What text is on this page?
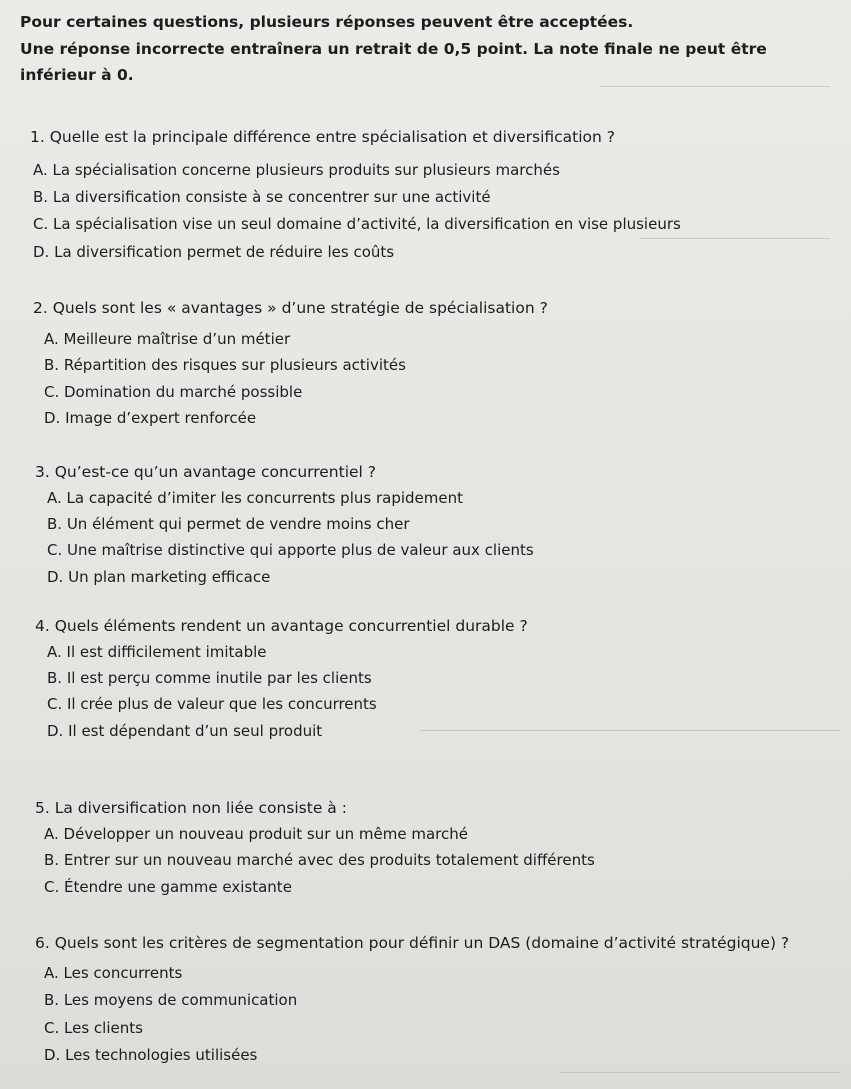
Pour certaines questions, plusieurs réponses peuvent être acceptées.
Une réponse incorrecte entraînera un retrait de 0,5 point. La note finale ne peut être
inférieur à 0.
1. Quelle est la principale différence entre spécialisation et diversification ?
A. La spécialisation concerne plusieurs produits sur plusieurs marchés
B. La diversification consiste à se concentrer sur une activité
C. La spécialisation vise un seul domaine d’activité, la diversification en vise plusieurs
D. La diversification permet de réduire les coûts
2. Quels sont les « avantages » d’une stratégie de spécialisation ?
A. Meilleure maîtrise d’un métier
B. Répartition des risques sur plusieurs activités
C. Domination du marché possible
D. Image d’expert renforcée
3. Qu’est-ce qu’un avantage concurrentiel ?
A. La capacité d’imiter les concurrents plus rapidement
B. Un élément qui permet de vendre moins cher
C. Une maîtrise distinctive qui apporte plus de valeur aux clients
D. Un plan marketing efficace
4. Quels éléments rendent un avantage concurrentiel durable ?
A. Il est difficilement imitable
B. Il est perçu comme inutile par les clients
C. Il crée plus de valeur que les concurrents
D. Il est dépendant d’un seul produit
5. La diversification non liée consiste à :
A. Développer un nouveau produit sur un même marché
B. Entrer sur un nouveau marché avec des produits totalement différents
C. Étendre une gamme existante
6. Quels sont les critères de segmentation pour définir un DAS (domaine d’activité stratégique) ?
A. Les concurrents
B. Les moyens de communication
C. Les clients
D. Les technologies utilisées
